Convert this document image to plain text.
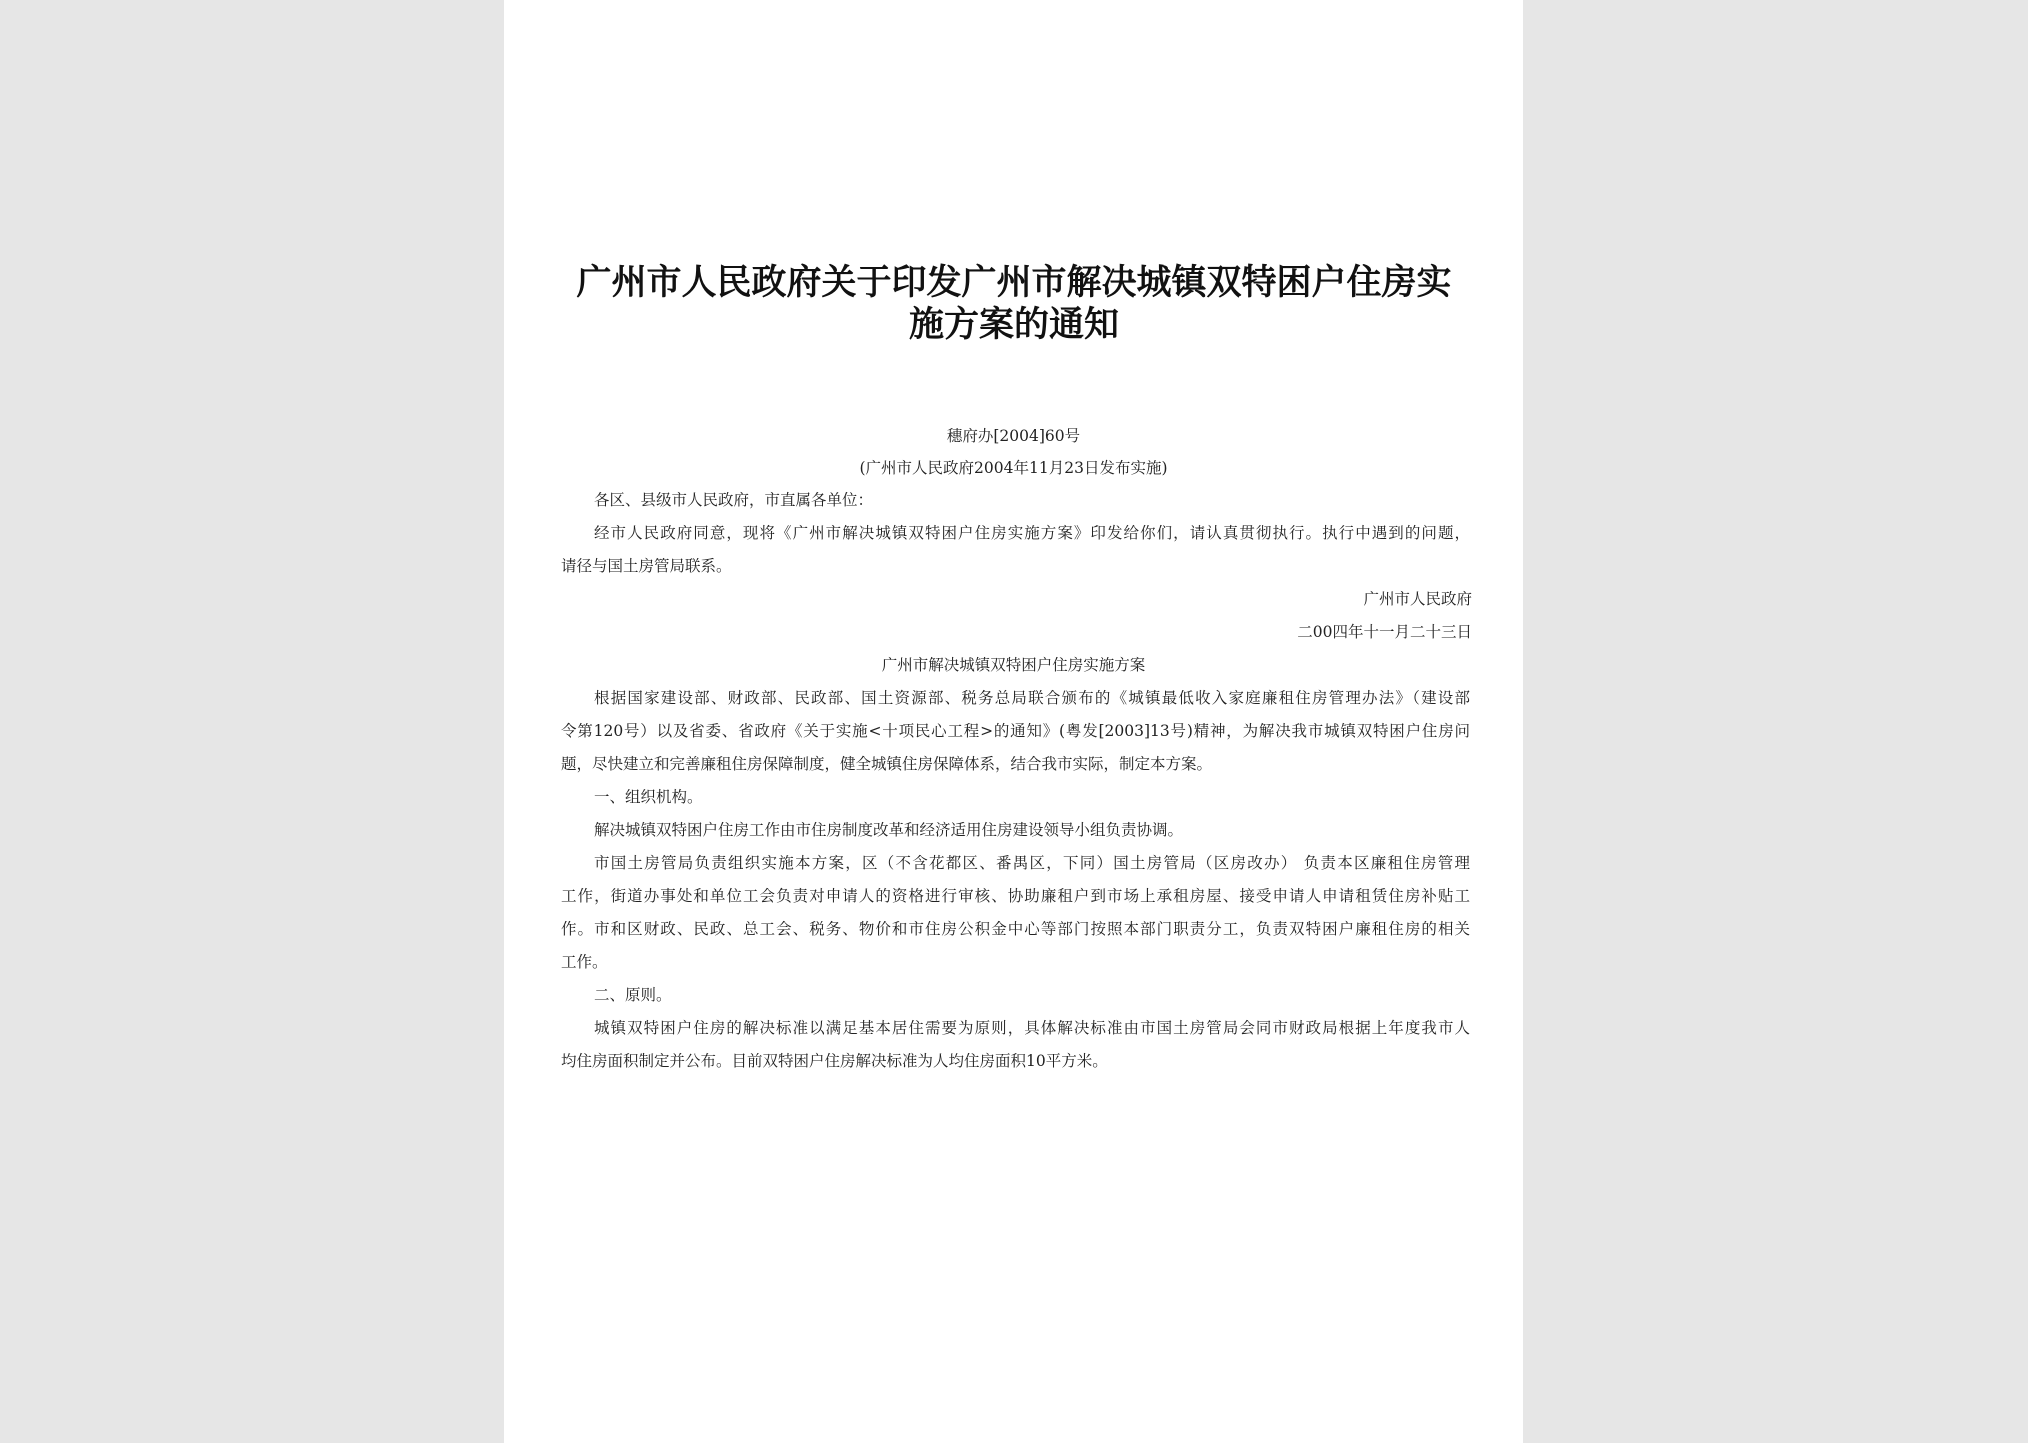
广州市人民政府关于印发广州市解决城镇双特困户住房实施方案的通知
穗府办[2004]60号
(广州市人民政府2004年11月23日发布实施)
各区、县级市人民政府，市直属各单位：
经市人民政府同意，现将《广州市解决城镇双特困户住房实施方案》印发给你们，请认真贯彻执行。执行中遇到的问题，
请径与国土房管局联系。
广州市人民政府
二00四年十一月二十三日
广州市解决城镇双特困户住房实施方案
根据国家建设部、财政部、民政部、国土资源部、税务总局联合颁布的《城镇最低收入家庭廉租住房管理办法》（建设部
令第120号）以及省委、省政府《关于实施<十项民心工程>的通知》(粤发[2003]13号)精神，为解决我市城镇双特困户住房问
题，尽快建立和完善廉租住房保障制度，健全城镇住房保障体系，结合我市实际，制定本方案。
一、组织机构。
解决城镇双特困户住房工作由市住房制度改革和经济适用住房建设领导小组负责协调。
市国土房管局负责组织实施本方案，区（不含花都区、番禺区，下同）国土房管局（区房改办） 负责本区廉租住房管理
工作，街道办事处和单位工会负责对申请人的资格进行审核、协助廉租户到市场上承租房屋、接受申请人申请租赁住房补贴工
作。市和区财政、民政、总工会、税务、物价和市住房公积金中心等部门按照本部门职责分工，负责双特困户廉租住房的相关
工作。
二、原则。
城镇双特困户住房的解决标准以满足基本居住需要为原则，具体解决标准由市国土房管局会同市财政局根据上年度我市人
均住房面积制定并公布。目前双特困户住房解决标准为人均住房面积10平方米。
